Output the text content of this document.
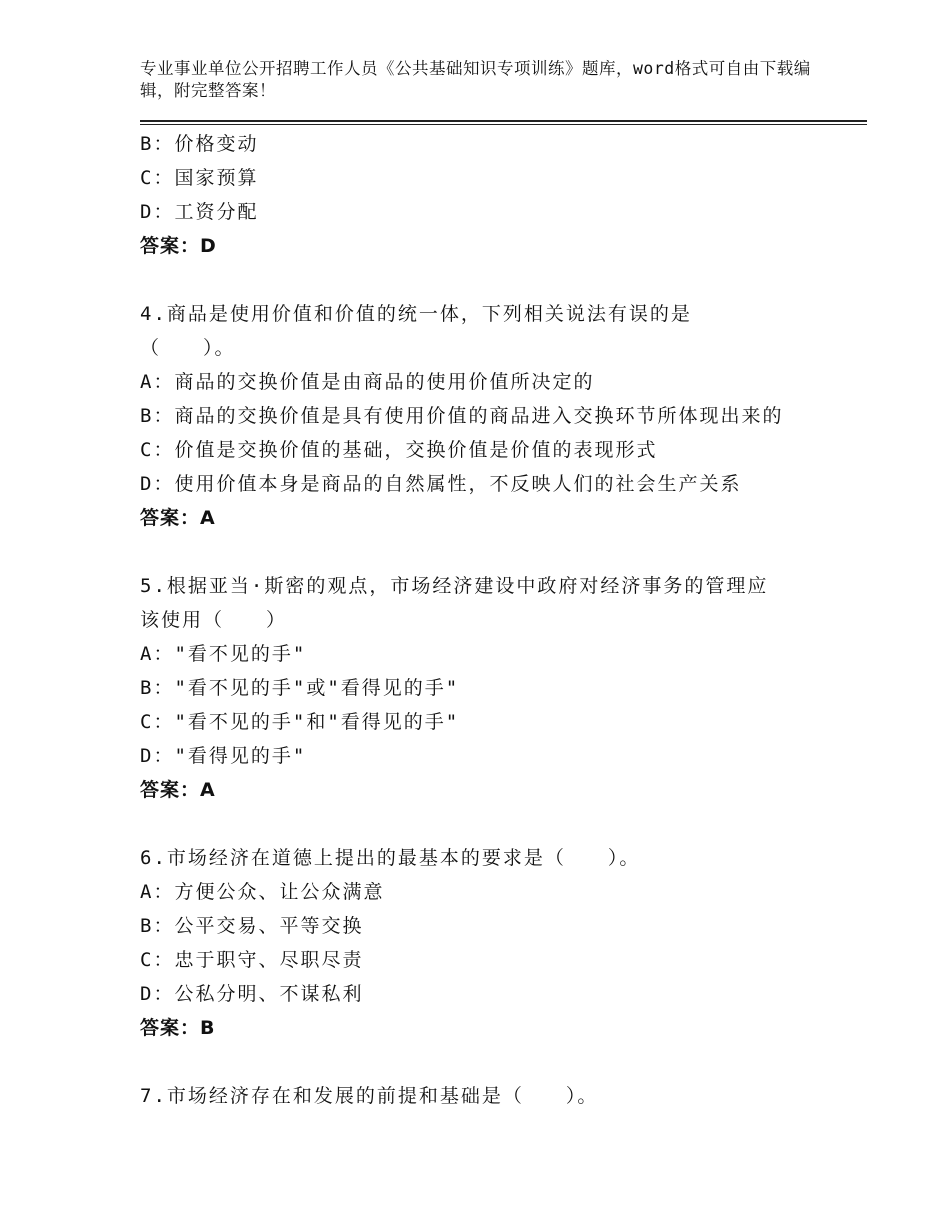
专业事业单位公开招聘工作人员《公共基础知识专项训练》题库，word格式可自由下载编辑，附完整答案！
B：价格变动
C：国家预算
D：工资分配
答案：D
4.商品是使用价值和价值的统一体，下列相关说法有误的是
（　　）。
A：商品的交换价值是由商品的使用价值所决定的
B：商品的交换价值是具有使用价值的商品进入交换环节所体现出来的
C：价值是交换价值的基础，交换价值是价值的表现形式
D：使用价值本身是商品的自然属性，不反映人们的社会生产关系
答案：A
5.根据亚当·斯密的观点，市场经济建设中政府对经济事务的管理应
该使用（　　）
A："看不见的手"
B："看不见的手"或"看得见的手"
C："看不见的手"和"看得见的手"
D："看得见的手"
答案：A
6.市场经济在道德上提出的最基本的要求是（　　）。
A：方便公众、让公众满意
B：公平交易、平等交换
C：忠于职守、尽职尽责
D：公私分明、不谋私利
答案：B
7.市场经济存在和发展的前提和基础是（　　）。
